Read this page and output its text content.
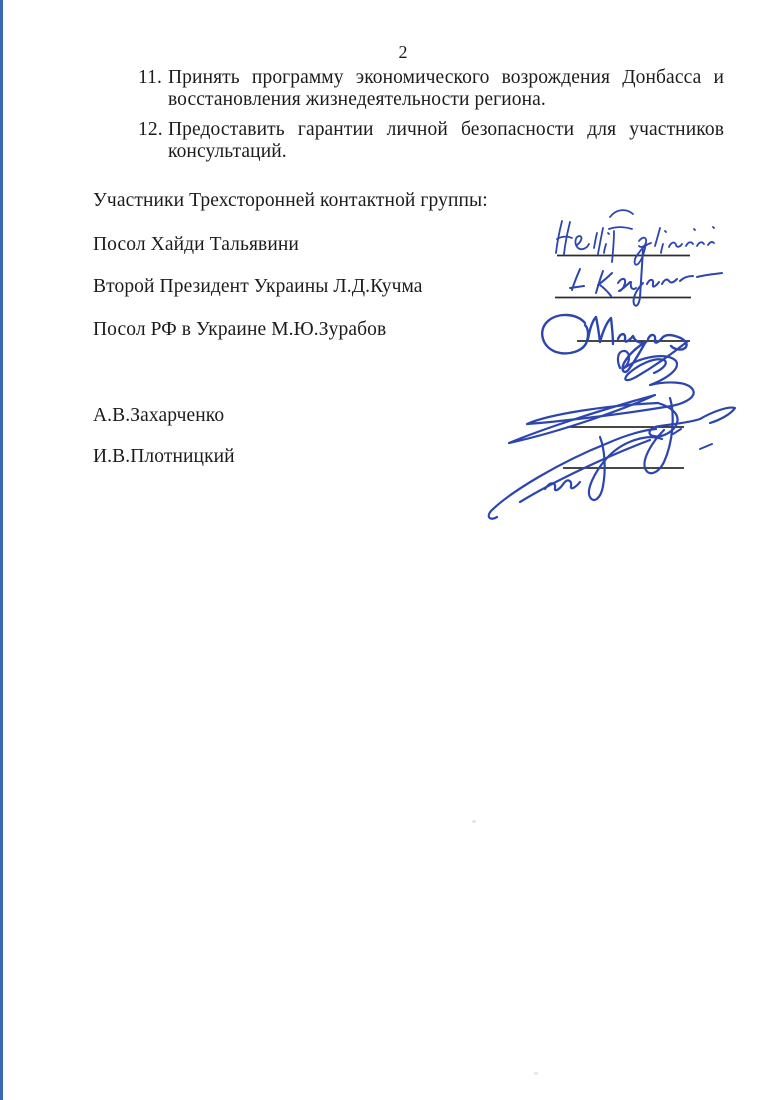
2
11. Принять программу экономического возрождения Донбасса и
восстановления жизнедеятельности региона.
12. Предоставить гарантии личной безопасности для участников
консультаций.
Участники Трехсторонней контактной группы:
Посол Хайди Тальявини
Второй Президент Украины Л.Д.Кучма
Посол РФ в Украине М.Ю.Зурабов
А.В.Захарченко
И.В.Плотницкий
